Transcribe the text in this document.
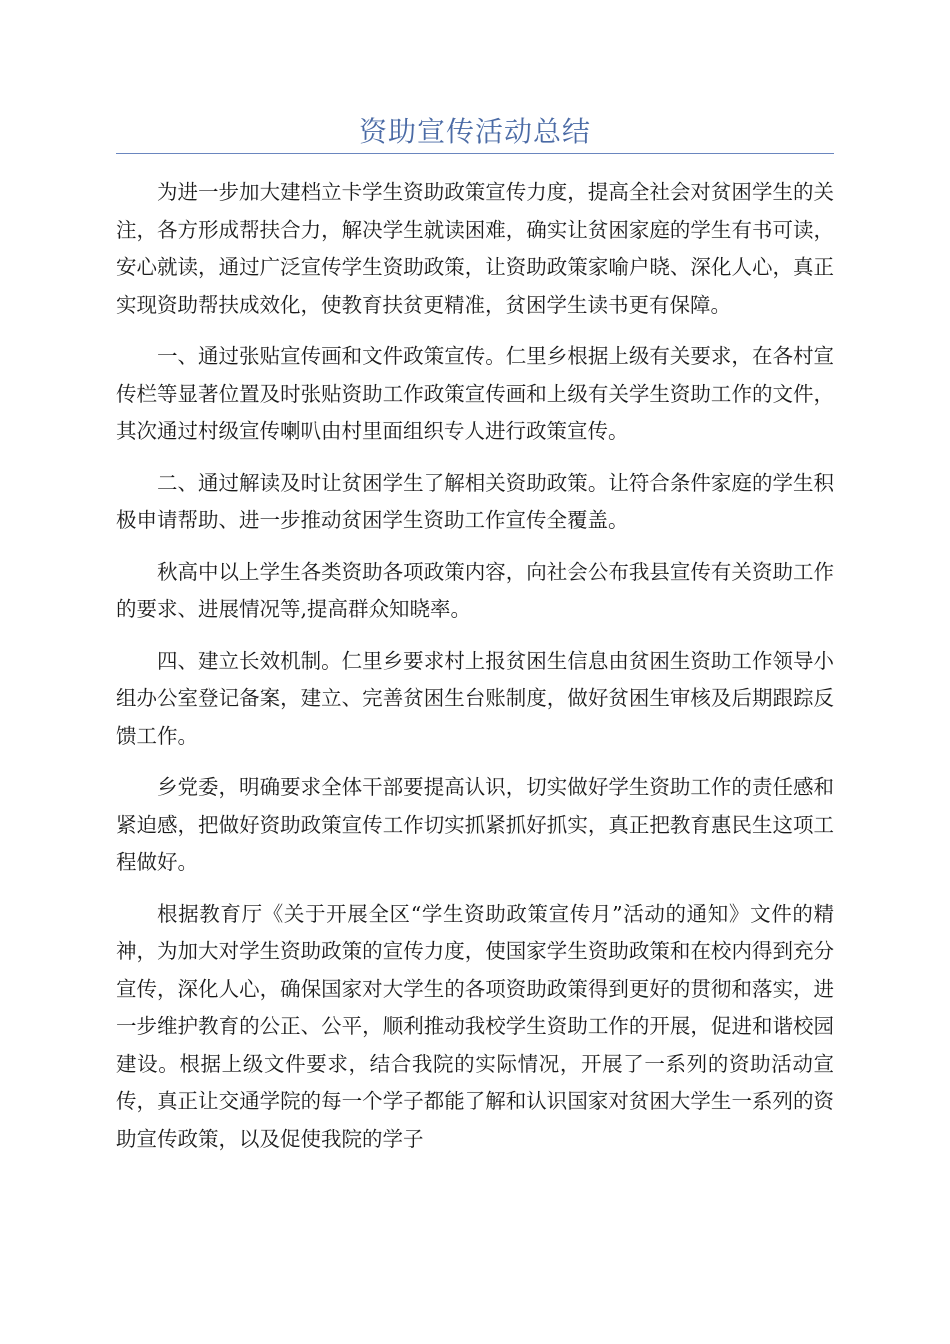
资助宣传活动总结

为进一步加大建档立卡学生资助政策宣传力度，提高全社会对贫困学生的关注，各方形成帮扶合力，解决学生就读困难，确实让贫困家庭的学生有书可读，安心就读，通过广泛宣传学生资助政策，让资助政策家喻户晓、深化人心，真正实现资助帮扶成效化，使教育扶贫更精准，贫困学生读书更有保障。

一、通过张贴宣传画和文件政策宣传。仁里乡根据上级有关要求，在各村宣传栏等显著位置及时张贴资助工作政策宣传画和上级有关学生资助工作的文件，其次通过村级宣传喇叭由村里面组织专人进行政策宣传。

二、通过解读及时让贫困学生了解相关资助政策。让符合条件家庭的学生积极申请帮助、进一步推动贫困学生资助工作宣传全覆盖。

秋高中以上学生各类资助各项政策内容，向社会公布我县宣传有关资助工作的要求、进展情况等,提高群众知晓率。

四、建立长效机制。仁里乡要求村上报贫困生信息由贫困生资助工作领导小组办公室登记备案，建立、完善贫困生台账制度，做好贫困生审核及后期跟踪反馈工作。

乡党委，明确要求全体干部要提高认识，切实做好学生资助工作的责任感和紧迫感，把做好资助政策宣传工作切实抓紧抓好抓实，真正把教育惠民生这项工程做好。

根据教育厅《关于开展全区“学生资助政策宣传月”活动的通知》文件的精神，为加大对学生资助政策的宣传力度，使国家学生资助政策和在校内得到充分宣传，深化人心，确保国家对大学生的各项资助政策得到更好的贯彻和落实，进一步维护教育的公正、公平，顺利推动我校学生资助工作的开展，促进和谐校园建设。根据上级文件要求，结合我院的实际情况，开展了一系列的资助活动宣传，真正让交通学院的每一个学子都能了解和认识国家对贫困大学生一系列的资助宣传政策，以及促使我院的学子
